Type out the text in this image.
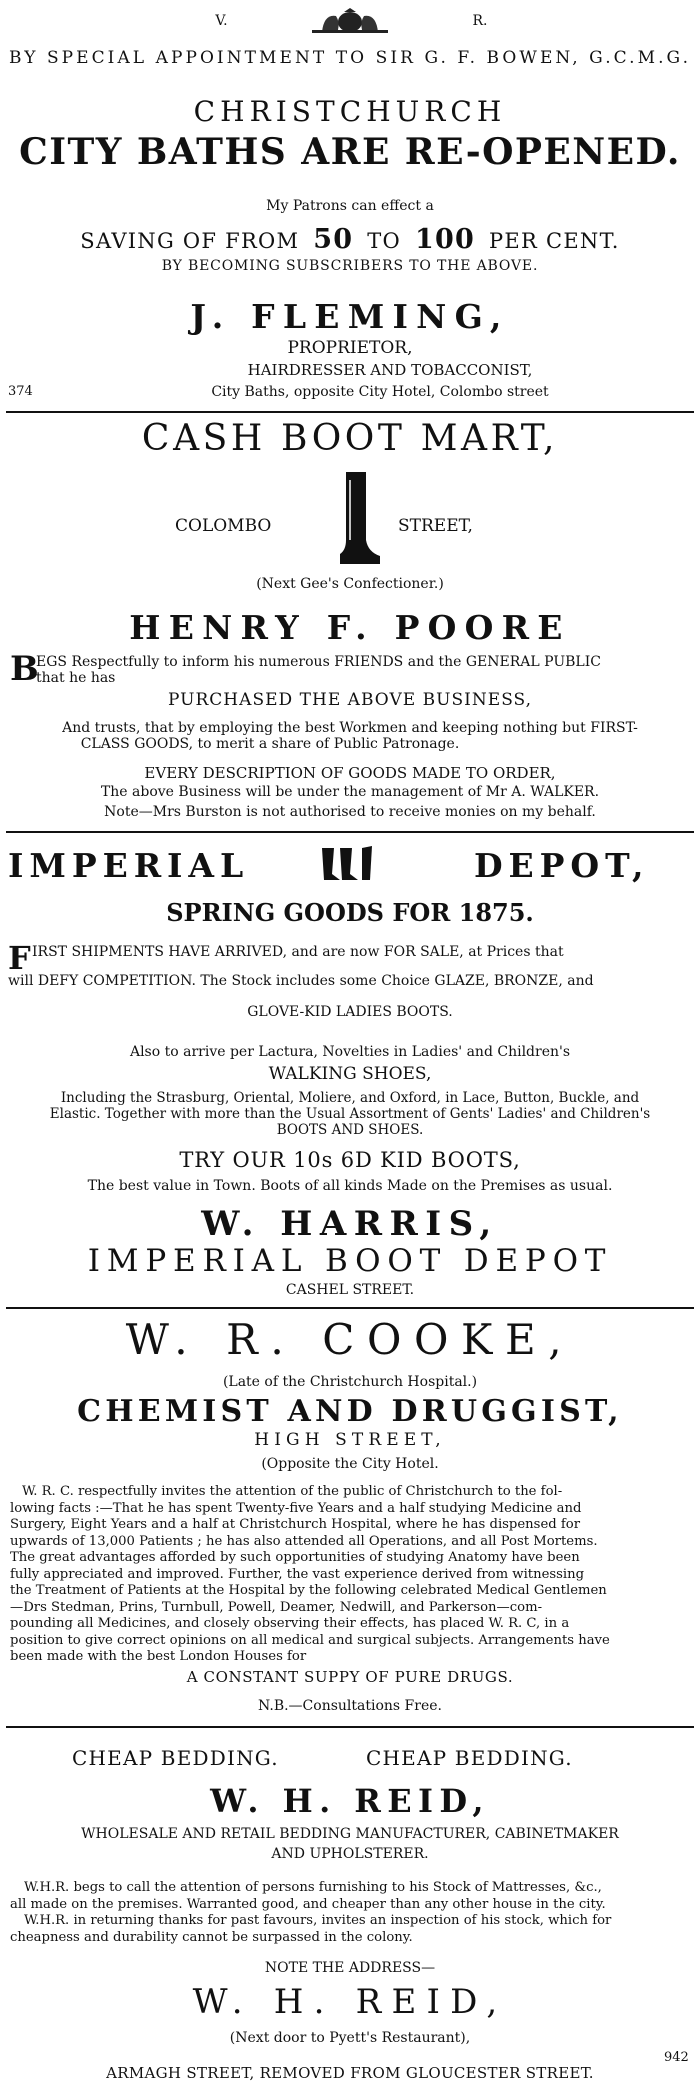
V.	R.
BY SPECIAL APPOINTMENT TO SIR G. F. BOWEN, G.C.M.G.
CHRISTCHURCH
CITY BATHS ARE RE-OPENED.
My Patrons can effect a
SAVING OF FROM 50 TO 100 PER CENT.
BY BECOMING SUBSCRIBERS TO THE ABOVE.
J. FLEMING,
PROPRIETOR,
HAIRDRESSER AND TOBACCONIST,
374	City Baths, opposite City Hotel, Colombo street
CASH BOOT MART,
COLOMBO	STREET,
(Next Gee's Confectioner.)
HENRY F. POORE
B
EGS Respectfully to inform his numerous FRIENDS and the GENERAL PUBLIC
that he has
PURCHASED THE ABOVE BUSINESS,
And trusts, that by employing the best Workmen and keeping nothing but FIRST-
CLASS GOODS, to merit a share of Public Patronage.
EVERY DESCRIPTION OF GOODS MADE TO ORDER,
The above Business will be under the management of Mr A. WALKER.
Note—Mrs Burston is not authorised to receive monies on my behalf.
IMPERIAL	DEPOT,
SPRING GOODS FOR 1875.
F IRST SHIPMENTS HAVE ARRIVED, and are now FOR SALE, at Prices that
will DEFY COMPETITION. The Stock includes some Choice GLAZE, BRONZE, and
GLOVE-KID LADIES BOOTS.
Also to arrive per Lactura, Novelties in Ladies' and Children's
WALKING SHOES,
Including the Strasburg, Oriental, Moliere, and Oxford, in Lace, Button, Buckle, and
Elastic. Together with more than the Usual Assortment of Gents' Ladies' and Children's
BOOTS AND SHOES.
TRY OUR 10s 6D KID BOOTS,
The best value in Town. Boots of all kinds Made on the Premises as usual.
W. HARRIS,
IMPERIAL BOOT DEPOT
CASHEL STREET.
W. R. COOKE,
(Late of the Christchurch Hospital.)
CHEMIST AND DRUGGIST,
HIGH STREET,
(Opposite the City Hotel.

W. R. C. respectfully invites the attention of the public of Christchurch to the fol-

lowing facts :—That he has spent Twenty-five Years and a half studying Medicine and

Surgery, Eight Years and a half at Christchurch Hospital, where he has dispensed for

upwards of 13,000 Patients ; he has also attended all Operations, and all Post Mortems.

The great advantages afforded by such opportunities of studying Anatomy have been

fully appreciated and improved. Further, the vast experience derived from witnessing

the Treatment of Patients at the Hospital by the following celebrated Medical Gentlemen

—Drs Stedman, Prins, Turnbull, Powell, Deamer, Nedwill, and Parkerson—com-

pounding all Medicines, and closely observing their effects, has placed W. R. C, in a

position to give correct opinions on all medical and surgical subjects. Arrangements have

been made with the best London Houses for

A CONSTANT SUPPY OF PURE DRUGS.
N.B.—Consultations Free.
CHEAP BEDDING.	CHEAP BEDDING.
W. H. REID,
WHOLESALE AND RETAIL BEDDING MANUFACTURER, CABINETMAKER
AND UPHOLSTERER.

W.H.R. begs to call the attention of persons furnishing to his Stock of Mattresses, &c.,

all made on the premises. Warranted good, and cheaper than any other house in the city.

W.H.R. in returning thanks for past favours, invites an inspection of his stock, which for

cheapness and durability cannot be surpassed in the colony.

NOTE THE ADDRESS—
W. H. REID,
(Next door to Pyett's Restaurant),
942
ARMAGH STREET, REMOVED FROM GLOUCESTER STREET.
